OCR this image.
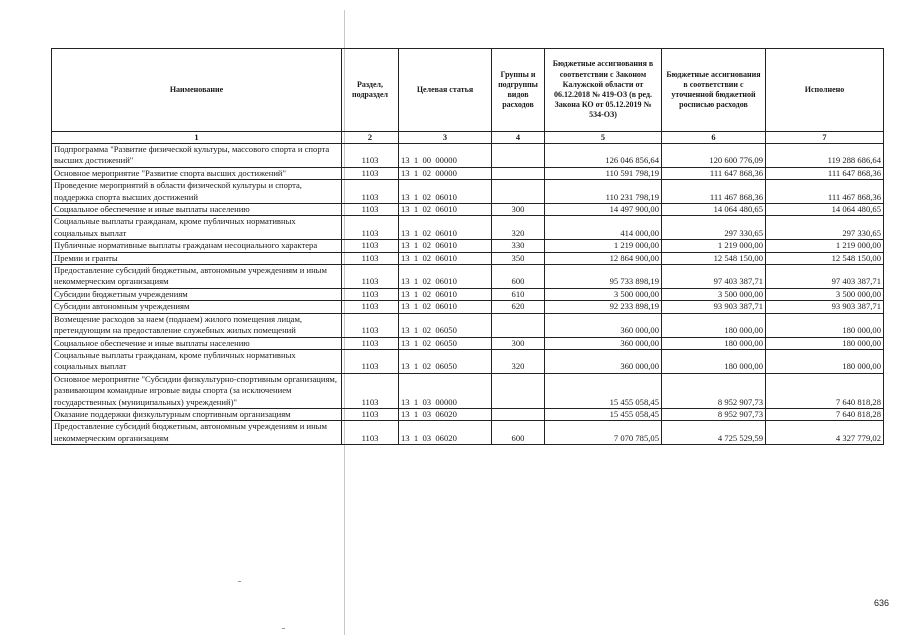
Наименование	Раздел, подраздел	Целевая статья	Группы и подгруппы видов расходов	Бюджетные ассигнования в соответствии с Законом Калужской области от 06.12.2018 № 419-ОЗ (в ред. Закона КО от 05.12.2019 № 534-ОЗ)	Бюджетные ассигнования в соответствии с уточненной бюджетной росписью расходов	Исполнено
1	2	3	4	5	6	7
Подпрограмма "Развитие физической культуры, массового спорта и спорта высших достижений"	1103	13  1  00  00000		126 046 856,64	120 600 776,09	119 288 686,64
Основное мероприятие "Развитие спорта высших достижений"	1103	13  1  02  00000		110 591 798,19	111 647 868,36	111 647 868,36
Проведение мероприятий в области физической культуры и спорта, поддержка спорта высших достижений	1103	13  1  02  06010		110 231 798,19	111 467 868,36	111 467 868,36
Социальное обеспечение и иные выплаты населению	1103	13  1  02  06010	300	14 497 900,00	14 064 480,65	14 064 480,65
Социальные выплаты гражданам, кроме публичных нормативных социальных выплат	1103	13  1  02  06010	320	414 000,00	297 330,65	297 330,65
Публичные нормативные выплаты гражданам несоциального характера	1103	13  1  02  06010	330	1 219 000,00	1 219 000,00	1 219 000,00
Премии и гранты	1103	13  1  02  06010	350	12 864 900,00	12 548 150,00	12 548 150,00
Предоставление субсидий бюджетным, автономным учреждениям и иным некоммерческим организациям	1103	13  1  02  06010	600	95 733 898,19	97 403 387,71	97 403 387,71
Субсидии бюджетным учреждениям	1103	13  1  02  06010	610	3 500 000,00	3 500 000,00	3 500 000,00
Субсидии автономным учреждениям	1103	13  1  02  06010	620	92 233 898,19	93 903 387,71	93 903 387,71
Возмещение расходов за наем (поднаем) жилого помещения лицам, претендующим на предоставление служебных жилых помещений	1103	13  1  02  06050		360 000,00	180 000,00	180 000,00
Социальное обеспечение и иные выплаты населению	1103	13  1  02  06050	300	360 000,00	180 000,00	180 000,00
Социальные выплаты гражданам, кроме публичных нормативных социальных выплат	1103	13  1  02  06050	320	360 000,00	180 000,00	180 000,00
Основное мероприятие "Субсидии физкультурно-спортивным организациям, развивающим командные игровые виды спорта (за исключением государственных (муниципальных) учреждений)"	1103	13  1  03  00000		15 455 058,45	8 952 907,73	7 640 818,28
Оказание поддержки физкультурным спортивным организациям	1103	13  1  03  06020		15 455 058,45	8 952 907,73	7 640 818,28
Предоставление субсидий бюджетным, автономным учреждениям и иным некоммерческим организациям	1103	13  1  03  06020	600	7 070 785,05	4 725 529,59	4 327 779,02
636
